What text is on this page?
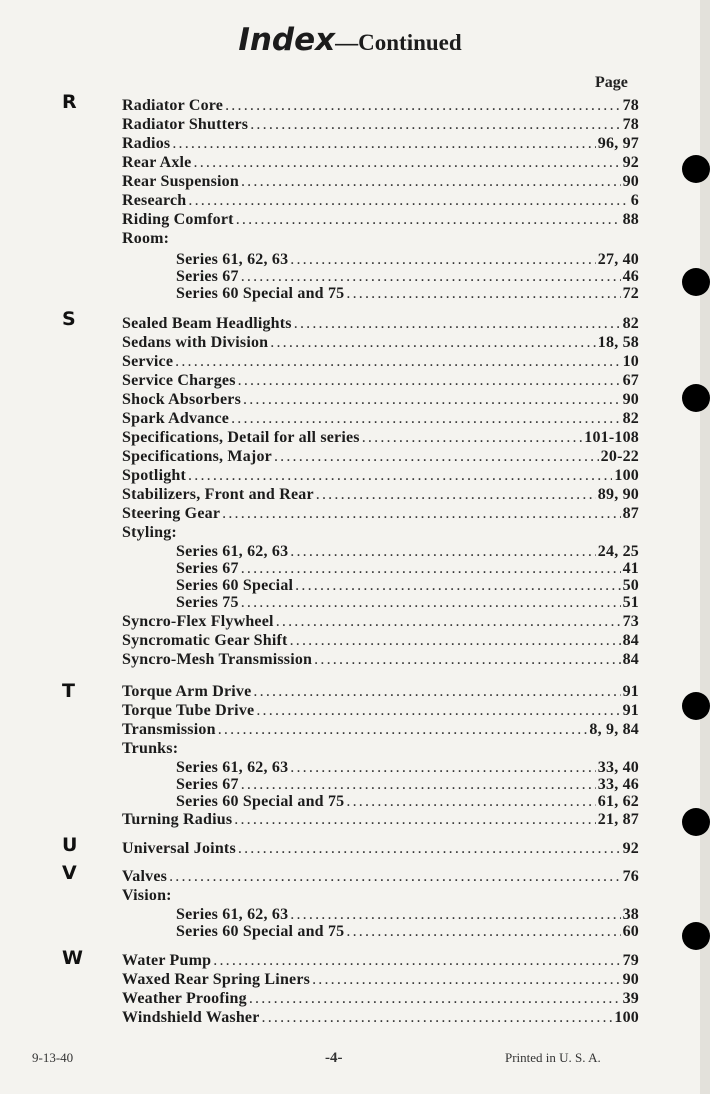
Index—Continued
Page
R
S
T
U
V
W
Radiator Core .....	78
Radiator Shutters .....	78
Radios .....	96, 97
Rear Axle .....	92
Rear Suspension .....	90
Research .....	6
Riding Comfort .....	88
Room:
Series 61, 62, 63 .....	27, 40
Series 67 .....	46
Series 60 Special and 75 .....	72
Sealed Beam Headlights .....	82
Sedans with Division .....	18, 58
Service .....	10
Service Charges .....	67
Shock Absorbers .....	90
Spark Advance .....	82
Specifications, Detail for all series .....	101-108
Specifications, Major .....	20-22
Spotlight .....	100
Stabilizers, Front and Rear .....	89, 90
Steering Gear .....	87
Styling:
Series 61, 62, 63 .....	24, 25
Series 67 .....	41
Series 60 Special .....	50
Series 75 .....	51
Syncro-Flex Flywheel .....	73
Syncromatic Gear Shift .....	84
Syncro-Mesh Transmission .....	84
Torque Arm Drive .....	91
Torque Tube Drive .....	91
Transmission .....	8, 9, 84
Trunks:
Series 61, 62, 63 .....	33, 40
Series 67 .....	33, 46
Series 60 Special and 75 .....	61, 62
Turning Radius .....	21, 87
Universal Joints .....	92
Valves .....	76
Vision:
Series 61, 62, 63 .....	38
Series 60 Special and 75 .....	60
Water Pump .....	79
Waxed Rear Spring Liners .....	90
Weather Proofing .....	39
Windshield Washer .....	100
9-13-40	-4-	Printed in U. S. A.
